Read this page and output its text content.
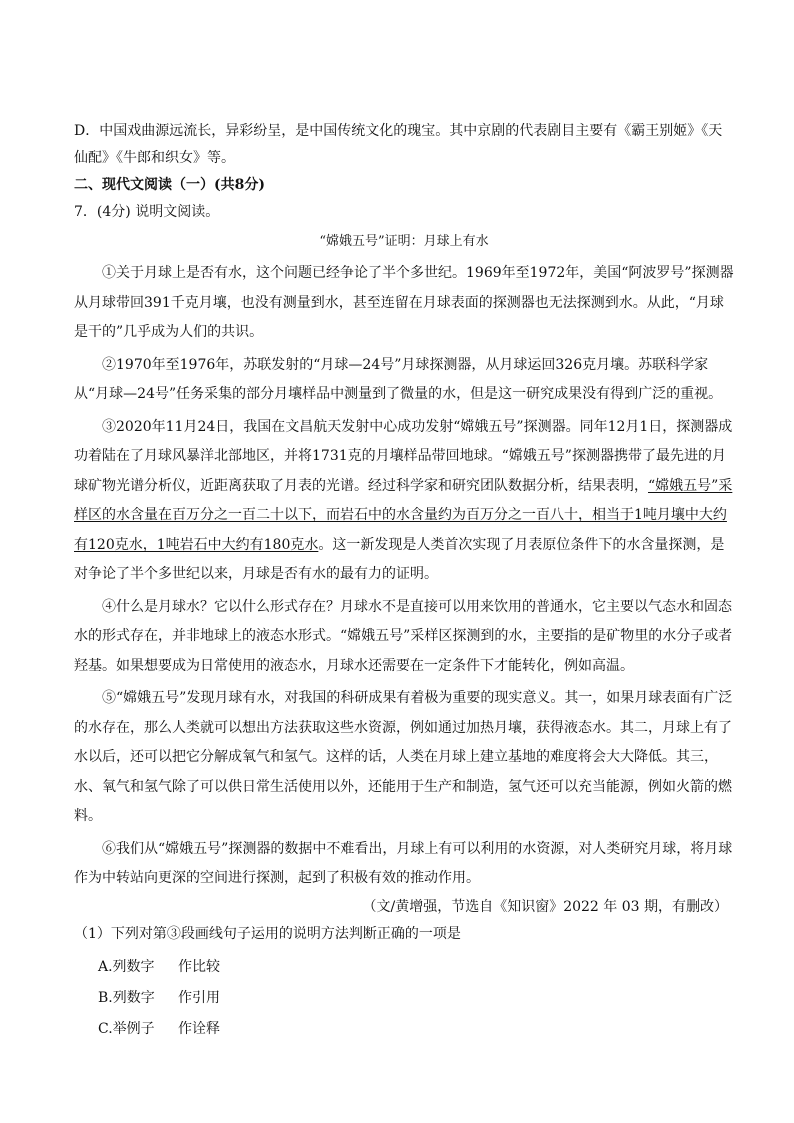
D．中国戏曲源远流长，异彩纷呈，是中国传统文化的瑰宝。其中京剧的代表剧目主要有《霸王别姬》《天
仙配》《牛郎和织女》等。
二、现代文阅读（一）(共8分)
7．(4分) 说明文阅读。
“嫦娥五号”证明：月球上有水
①关于月球上是否有水，这个问题已经争论了半个多世纪。1969年至1972年，美国“阿波罗号”探测器从月球带回391千克月壤，也没有测量到水，甚至连留在月球表面的探测器也无法探测到水。从此，“月球是干的”几乎成为人们的共识。
②1970年至1976年，苏联发射的“月球—24号”月球探测器，从月球运回326克月壤。苏联科学家从“月球—24号”任务采集的部分月壤样品中测量到了微量的水，但是这一研究成果没有得到广泛的重视。
③2020年11月24日，我国在文昌航天发射中心成功发射“嫦娥五号”探测器。同年12月1日，探测器成功着陆在了月球风暴洋北部地区，并将1731克的月壤样品带回地球。“嫦娥五号”探测器携带了最先进的月球矿物光谱分析仪，近距离获取了月表的光谱。经过科学家和研究团队数据分析，结果表明，“嫦娥五号”采样区的水含量在百万分之一百二十以下，而岩石中的水含量约为百万分之一百八十，相当于1吨月壤中大约有120克水，1吨岩石中大约有180克水。这一新发现是人类首次实现了月表原位条件下的水含量探测，是对争论了半个多世纪以来，月球是否有水的最有力的证明。
④什么是月球水？它以什么形式存在？月球水不是直接可以用来饮用的普通水，它主要以气态水和固态水的形式存在，并非地球上的液态水形式。“嫦娥五号”采样区探测到的水，主要指的是矿物里的水分子或者羟基。如果想要成为日常使用的液态水，月球水还需要在一定条件下才能转化，例如高温。
⑤“嫦娥五号”发现月球有水，对我国的科研成果有着极为重要的现实意义。其一，如果月球表面有广泛的水存在，那么人类就可以想出方法获取这些水资源，例如通过加热月壤，获得液态水。其二，月球上有了水以后，还可以把它分解成氧气和氢气。这样的话，人类在月球上建立基地的难度将会大大降低。其三，水、氧气和氢气除了可以供日常生活使用以外，还能用于生产和制造，氢气还可以充当能源，例如火箭的燃料。
⑥我们从“嫦娥五号”探测器的数据中不难看出，月球上有可以利用的水资源，对人类研究月球，将月球作为中转站向更深的空间进行探测，起到了积极有效的推动作用。
（文/黄增强，节选自《知识窗》2022 年 03 期，有删改）
（1）下列对第③段画线句子运用的说明方法判断正确的一项是
A.列数字 作比较
B.列数字 作引用
C.举例子 作诠释
